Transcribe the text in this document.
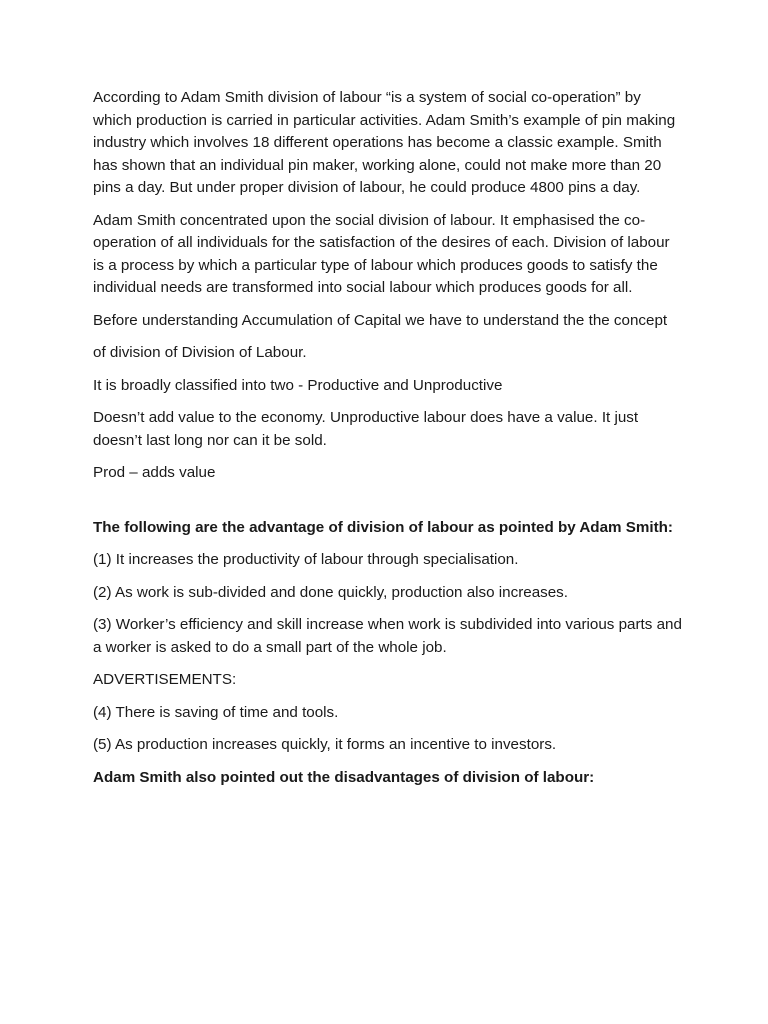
According to Adam Smith division of labour “is a system of social co-operation” by which production is carried in particular activities. Adam Smith’s example of pin making industry which involves 18 different operations has become a classic example. Smith has shown that an individual pin maker, working alone, could not make more than 20 pins a day. But under proper division of labour, he could produce 4800 pins a day.

Adam Smith concentrated upon the social division of labour. It emphasised the co-operation of all individuals for the satisfaction of the desires of each. Division of labour is a process by which a particular type of labour which produces goods to satisfy the individual needs are transformed into social labour which produces goods for all.

Before understanding Accumulation of Capital we have to understand the the concept

of division of Division of Labour.

It is broadly classified into two - Productive and Unproductive

Doesn’t add value to the economy. Unproductive labour does have a value. It just doesn’t last long nor can it be sold.

Prod – adds value

The following are the advantage of division of labour as pointed by Adam Smith:

(1) It increases the productivity of labour through specialisation.

(2) As work is sub-divided and done quickly, production also increases.

(3) Worker’s efficiency and skill increase when work is subdivided into various parts and a worker is asked to do a small part of the whole job.

ADVERTISEMENTS:

(4) There is saving of time and tools.

(5) As production increases quickly, it forms an incentive to investors.

Adam Smith also pointed out the disadvantages of division of labour:
